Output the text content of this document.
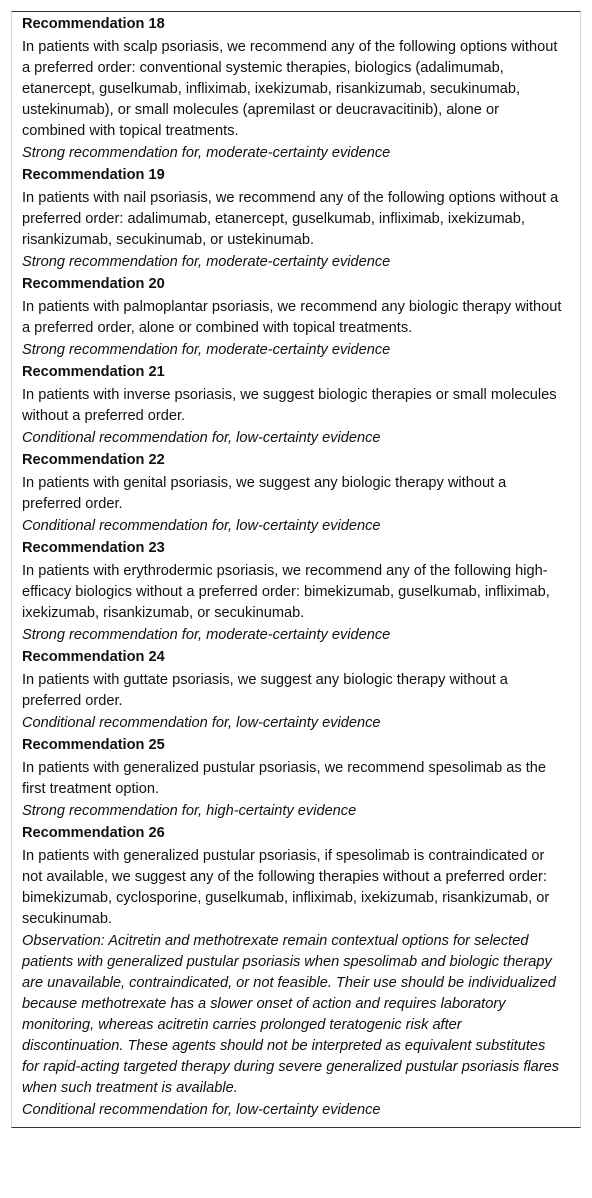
Recommendation 18

In patients with scalp psoriasis, we recommend any of the following options without a preferred order: conventional systemic therapies, biologics (adalimumab, etanercept, guselkumab, infliximab, ixekizumab, risankizumab, secukinumab, ustekinumab), or small molecules (apremilast or deucravacitinib), alone or combined with topical treatments.

Strong recommendation for, moderate-certainty evidence

Recommendation 19

In patients with nail psoriasis, we recommend any of the following options without a preferred order: adalimumab, etanercept, guselkumab, infliximab, ixekizumab, risankizumab, secukinumab, or ustekinumab.

Strong recommendation for, moderate-certainty evidence

Recommendation 20

In patients with palmoplantar psoriasis, we recommend any biologic therapy without a preferred order, alone or combined with topical treatments.

Strong recommendation for, moderate-certainty evidence

Recommendation 21

In patients with inverse psoriasis, we suggest biologic therapies or small molecules without a preferred order.

Conditional recommendation for, low-certainty evidence

Recommendation 22

In patients with genital psoriasis, we suggest any biologic therapy without a preferred order.

Conditional recommendation for, low-certainty evidence

Recommendation 23

In patients with erythrodermic psoriasis, we recommend any of the following high-efficacy biologics without a preferred order: bimekizumab, guselkumab, infliximab, ixekizumab, risankizumab, or secukinumab.

Strong recommendation for, moderate-certainty evidence

Recommendation 24

In patients with guttate psoriasis, we suggest any biologic therapy without a preferred order.

Conditional recommendation for, low-certainty evidence

Recommendation 25

In patients with generalized pustular psoriasis, we recommend spesolimab as the first treatment option.

Strong recommendation for, high-certainty evidence

Recommendation 26

In patients with generalized pustular psoriasis, if spesolimab is contraindicated or not available, we suggest any of the following therapies without a preferred order: bimekizumab, cyclosporine, guselkumab, infliximab, ixekizumab, risankizumab, or secukinumab.

Observation: Acitretin and methotrexate remain contextual options for selected patients with generalized pustular psoriasis when spesolimab and biologic therapy are unavailable, contraindicated, or not feasible. Their use should be individualized because methotrexate has a slower onset of action and requires laboratory monitoring, whereas acitretin carries prolonged teratogenic risk after discontinuation. These agents should not be interpreted as equivalent substitutes for rapid-acting targeted therapy during severe generalized pustular psoriasis flares when such treatment is available.

Conditional recommendation for, low-certainty evidence
